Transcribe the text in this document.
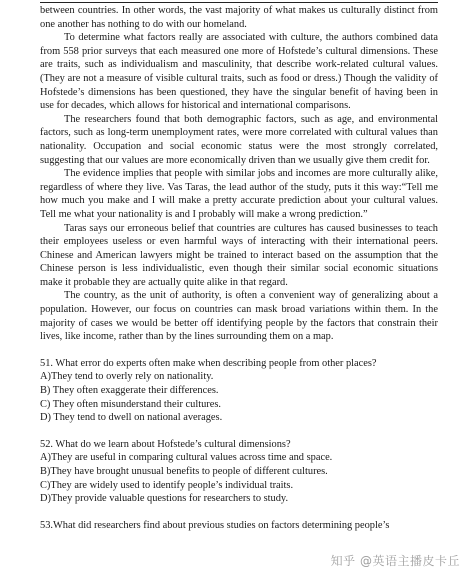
between countries. In other words, the vast majority of what makes us culturally distinct from one another has nothing to do with our homeland.

To determine what factors really are associated with culture, the authors combined data from 558 prior surveys that each measured one more of Hofstede’s cultural dimensions. These are traits, such as individualism and masculinity, that describe work-related cultural values. (They are not a measure of visible cultural traits, such as food or dress.) Though the validity of Hofstede’s dimensions has been questioned, they have the singular benefit of having been in use for decades, which allows for historical and international comparisons.

The researchers found that both demographic factors, such as age, and environmental factors, such as long-term unemployment rates, were more correlated with cultural values than nationality. Occupation and social economic status were the most strongly correlated, suggesting that our values are more economically driven than we usually give them credit for.

The evidence implies that people with similar jobs and incomes are more culturally alike, regardless of where they live. Vas Taras, the lead author of the study, puts it this way:“Tell me how much you make and I will make a pretty accurate prediction about your cultural values. Tell me what your nationality is and I probably will make a wrong prediction.”

Taras says our erroneous belief that countries are cultures has caused businesses to teach their employees useless or even harmful ways of interacting with their international peers. Chinese and American lawyers might be trained to interact based on the assumption that the Chinese person is less individualistic, even though their similar social economic situations make it probable they are actually quite alike in that regard.

The country, as the unit of authority, is often a convenient way of generalizing about a population. However, our focus on countries can mask broad variations within them. In the majority of cases we would be better off identifying people by the factors that constrain their lives, like income, rather than by the lines surrounding them on a map.

51. What error do experts often make when describing people from other places?

A)They tend to overly rely on nationality.

B) They often exaggerate their differences.

C) They often misunderstand their cultures.

D) They tend to dwell on national averages.

52. What do we learn about Hofstede’s cultural dimensions?

A)They are useful in comparing cultural values across time and space.

B)They have brought unusual benefits to people of different cultures.

C)They are widely used to identify people’s individual traits.

D)They provide valuable questions for researchers to study.

53.What did researchers find about previous studies on factors determining people’s

知乎 @英语主播皮卡丘
